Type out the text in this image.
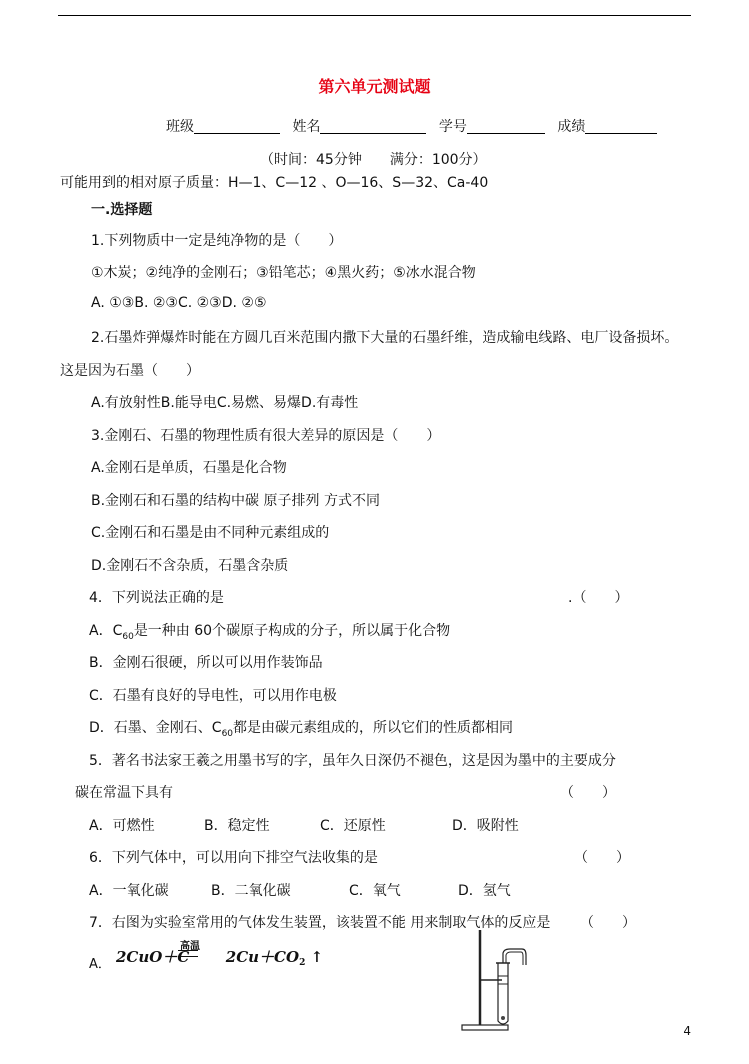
第六单元测试题
班级	姓名	学号	成绩
（时间：45分钟　　满分：100分）
可能用到的相对原子质量：H—1、C—12 、O—16、S—32、Ca-40
一.选择题
1.下列物质中一定是纯净物的是（　　）
①木炭；②纯净的金刚石；③铅笔芯；④黑火药；⑤冰水混合物
A. ①③B. ②③C. ②③D. ②⑤
2.石墨炸弹爆炸时能在方圆几百米范围内撒下大量的石墨纤维，造成输电线路、电厂设备损坏。
这是因为石墨（　　）
A.有放射性B.能导电C.易燃、易爆D.有毒性
3.金刚石、石墨的物理性质有很大差异的原因是（　　）
A.金刚石是单质，石墨是化合物
B.金刚石和石墨的结构中碳 原子排列 方式不同
C.金刚石和石墨是由不同种元素组成的
D.金刚石不含杂质，石墨含杂质
4．下列说法正确的是	.（　　）
A．$C_{60}$是一种由 60个碳原子构成的分子，所以属于化合物
B．金刚石很硬，所以可以用作装饰品
C．石墨有良好的导电性，可以用作电极
D．石墨、金刚石、$C_{60}$都是由碳元素组成的，所以它们的性质都相同
5．著名书法家王羲之用墨书写的字，虽年久日深仍不褪色，这是因为墨中的主要成分
碳在常温下具有	（　　）
A．可燃性	B．稳定性	C．还原性	D．吸附性
6．下列气体中，可以用向下排空气法收集的是	（　　）
A．一氧化碳	B．二氧化碳	C．氧气	D．氢气
7．右图为实验室常用的气体发生装置，该装置不能 用来制取气体的反应是 （　　）
A． 2CuO＋C
高温
$2Cu+CO_2$ ↑
4
